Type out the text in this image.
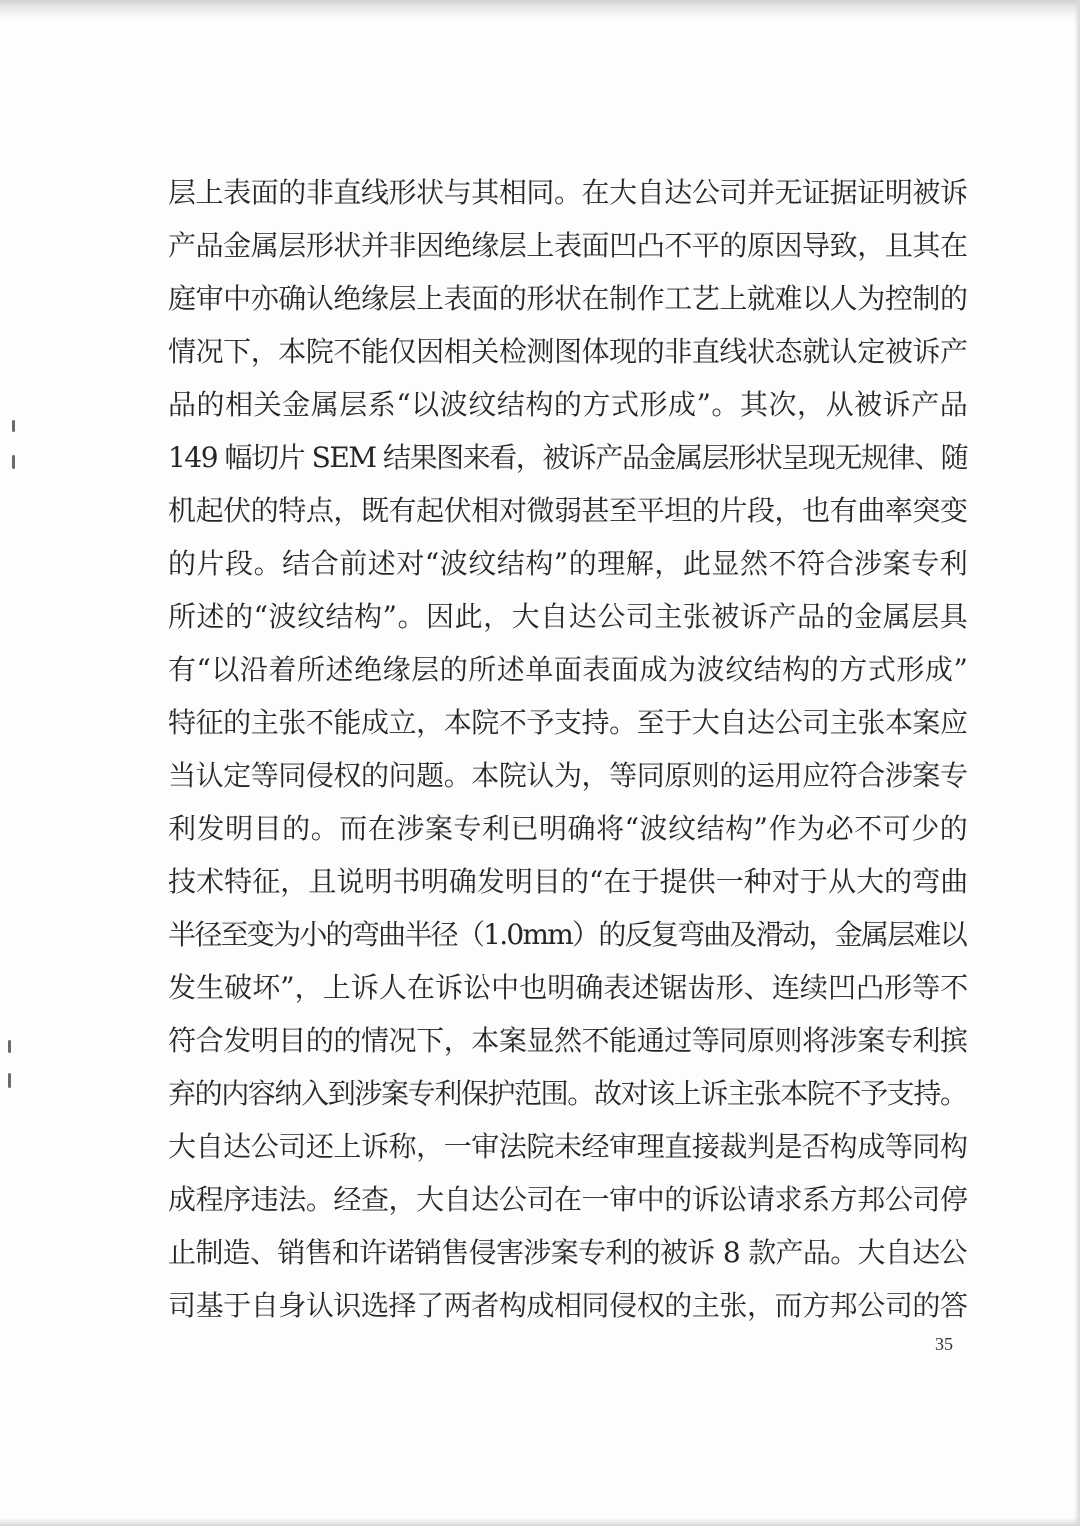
层上表面的非直线形状与其相同。在大自达公司并无证据证明被诉
产品金属层形状并非因绝缘层上表面凹凸不平的原因导致，且其在
庭审中亦确认绝缘层上表面的形状在制作工艺上就难以人为控制的
情况下，本院不能仅因相关检测图体现的非直线状态就认定被诉产
品的相关金属层系“以波纹结构的方式形成”。其次，从被诉产品
149 幅切片 SEM 结果图来看，被诉产品金属层形状呈现无规律、随
机起伏的特点，既有起伏相对微弱甚至平坦的片段，也有曲率突变
的片段。结合前述对“波纹结构”的理解，此显然不符合涉案专利
所述的“波纹结构”。因此，大自达公司主张被诉产品的金属层具
有“以沿着所述绝缘层的所述单面表面成为波纹结构的方式形成”
特征的主张不能成立，本院不予支持。至于大自达公司主张本案应
当认定等同侵权的问题。本院认为，等同原则的运用应符合涉案专
利发明目的。而在涉案专利已明确将“波纹结构”作为必不可少的
技术特征，且说明书明确发明目的“在于提供一种对于从大的弯曲
半径至变为小的弯曲半径（1.0mm）的反复弯曲及滑动，金属层难以
发生破坏”，上诉人在诉讼中也明确表述锯齿形、连续凹凸形等不
符合发明目的的情况下，本案显然不能通过等同原则将涉案专利摈
弃的内容纳入到涉案专利保护范围。故对该上诉主张本院不予支持。
大自达公司还上诉称，一审法院未经审理直接裁判是否构成等同构
成程序违法。经查，大自达公司在一审中的诉讼请求系方邦公司停
止制造、销售和许诺销售侵害涉案专利的被诉 8 款产品。大自达公
司基于自身认识选择了两者构成相同侵权的主张，而方邦公司的答
35
